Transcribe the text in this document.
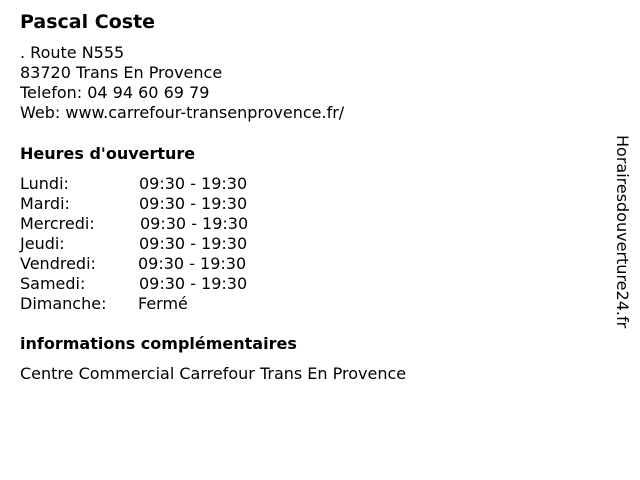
Pascal Coste
. Route N555
83720 Trans En Provence
Telefon: 04 94 60 69 79
Web: www.carrefour-transenprovence.fr/
Heures d'ouverture
Lundi:	09:30 - 19:30
Mardi:	09:30 - 19:30
Mercredi:	09:30 - 19:30
Jeudi:	09:30 - 19:30
Vendredi:	09:30 - 19:30
Samedi:	09:30 - 19:30
Dimanche: Fermé
informations complémentaires
Centre Commercial Carrefour Trans En Provence
Horairesdouverture24.fr
